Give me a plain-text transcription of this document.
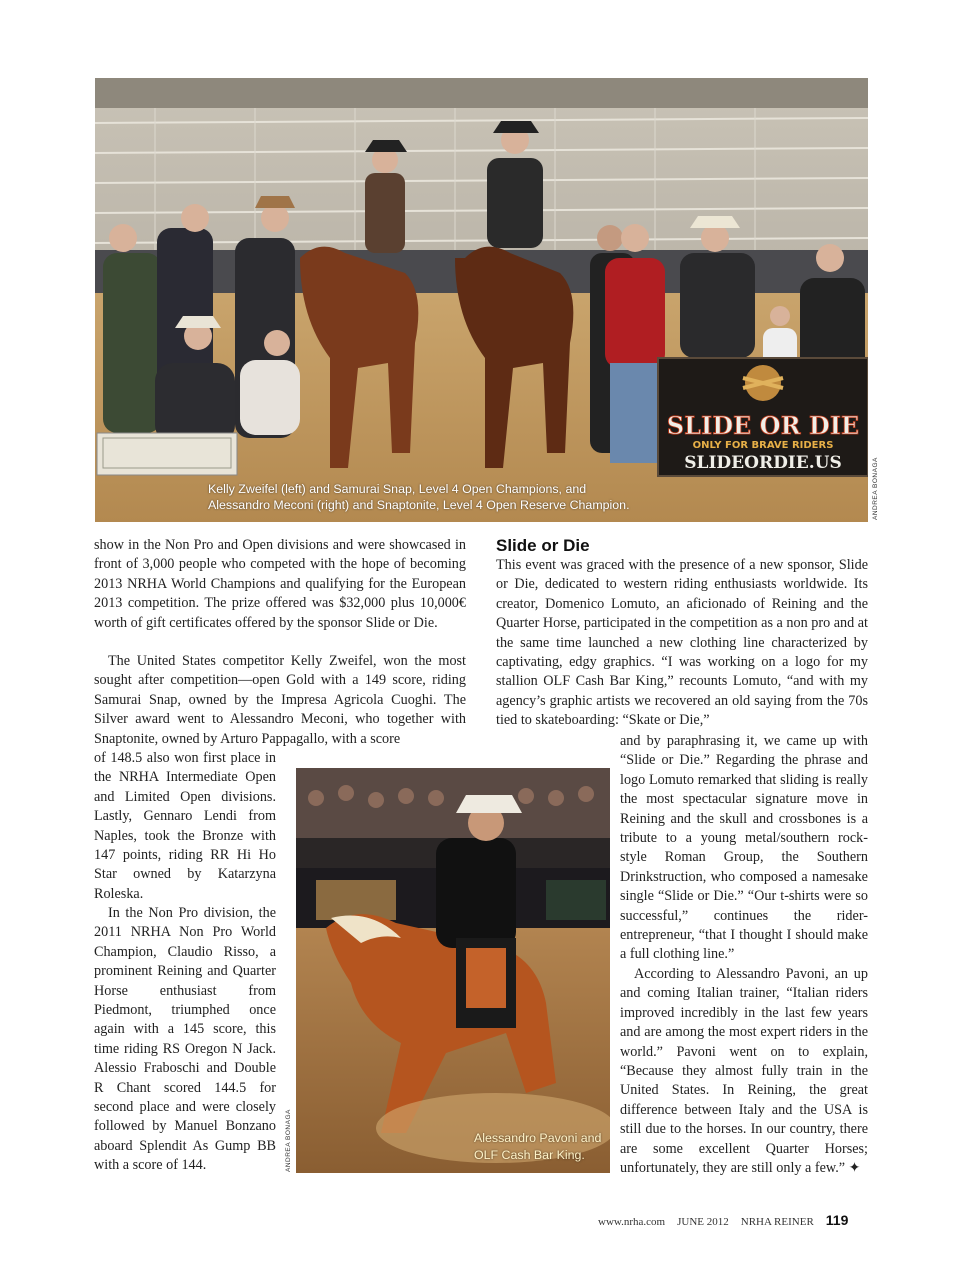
SLIDE OR DIE
ONLY FOR BRAVE RIDERS
SLIDEORDIE.US
Kelly Zweifel (left) and Samurai Snap, Level 4 Open Champions, and
Alessandro Meconi (right) and Snaptonite, Level 4 Open Reserve Champion.	ANDREA BONAGA
show in the Non Pro and Open divisions and were showcased in front of 3,000 people who competed with the hope of becoming 2013 NRHA World Champions and qualifying for the European 2013 competition. The prize offered was $32,000 plus 10,000€ worth of gift certificates offered by the sponsor Slide or Die.
The United States competitor Kelly Zweifel, won the most sought after competition—open Gold with a 149 score, riding Samurai Snap, owned by the Impresa Agricola Cuoghi. The Silver award went to Alessandro Meconi, who together with Snaptonite, owned by Arturo Pappagallo, with a score
of 148.5 also won first place in the NRHA Intermediate Open and Limited Open divisions. Lastly, Gennaro Lendi from Naples, took the Bronze with 147 points, riding RR Hi Ho Star owned by Katarzyna Roleska.
In the Non Pro division, the 2011 NRHA Non Pro World Champion, Claudio Risso, a prominent Reining and Quarter Horse enthusiast from Piedmont, triumphed once again with a 145 score, this time riding RS Oregon N Jack. Alessio Fraboschi and Double R Chant scored 144.5 for second place and were closely followed by Manuel Bonzano aboard Splendit As Gump BB with a score of 144.
Alessandro Pavoni and
OLF Cash Bar King.
ANDREA BONAGA
Slide or Die
This event was graced with the presence of a new sponsor, Slide or Die, dedicated to western riding enthusiasts worldwide. Its creator, Domenico Lomuto, an aficionado of Reining and the Quarter Horse, participated in the competition as a non pro and at the same time launched a new clothing line characterized by captivating, edgy graphics. “I was working on a logo for my stallion OLF Cash Bar King,” recounts Lomuto, “and with my agency’s graphic artists we recovered an old saying from the 70s tied to skateboarding: “Skate or Die,”
and by paraphrasing it, we came up with “Slide or Die.” Regarding the phrase and logo Lomuto remarked that sliding is really the most spectacular signature move in Reining and the skull and crossbones is a tribute to a young metal/southern rock-style Roman Group, the Southern Drinkstruction, who composed a namesake single “Slide or Die.” “Our t-shirts were so successful,” continues the rider-entrepreneur, “that I thought I should make a full clothing line.”
According to Alessandro Pavoni, an up and coming Italian trainer, “Italian riders improved incredibly in the last few years and are among the most expert riders in the world.” Pavoni went on to explain, “Because they almost fully train in the United States. In Reining, the great difference between Italy and the USA is still due to the horses. In our country, there are some excellent Quarter Horses; unfortunately, they are still only a few.” ✦
www.nrha.com JUNE 2012 NRHA REINER 119
